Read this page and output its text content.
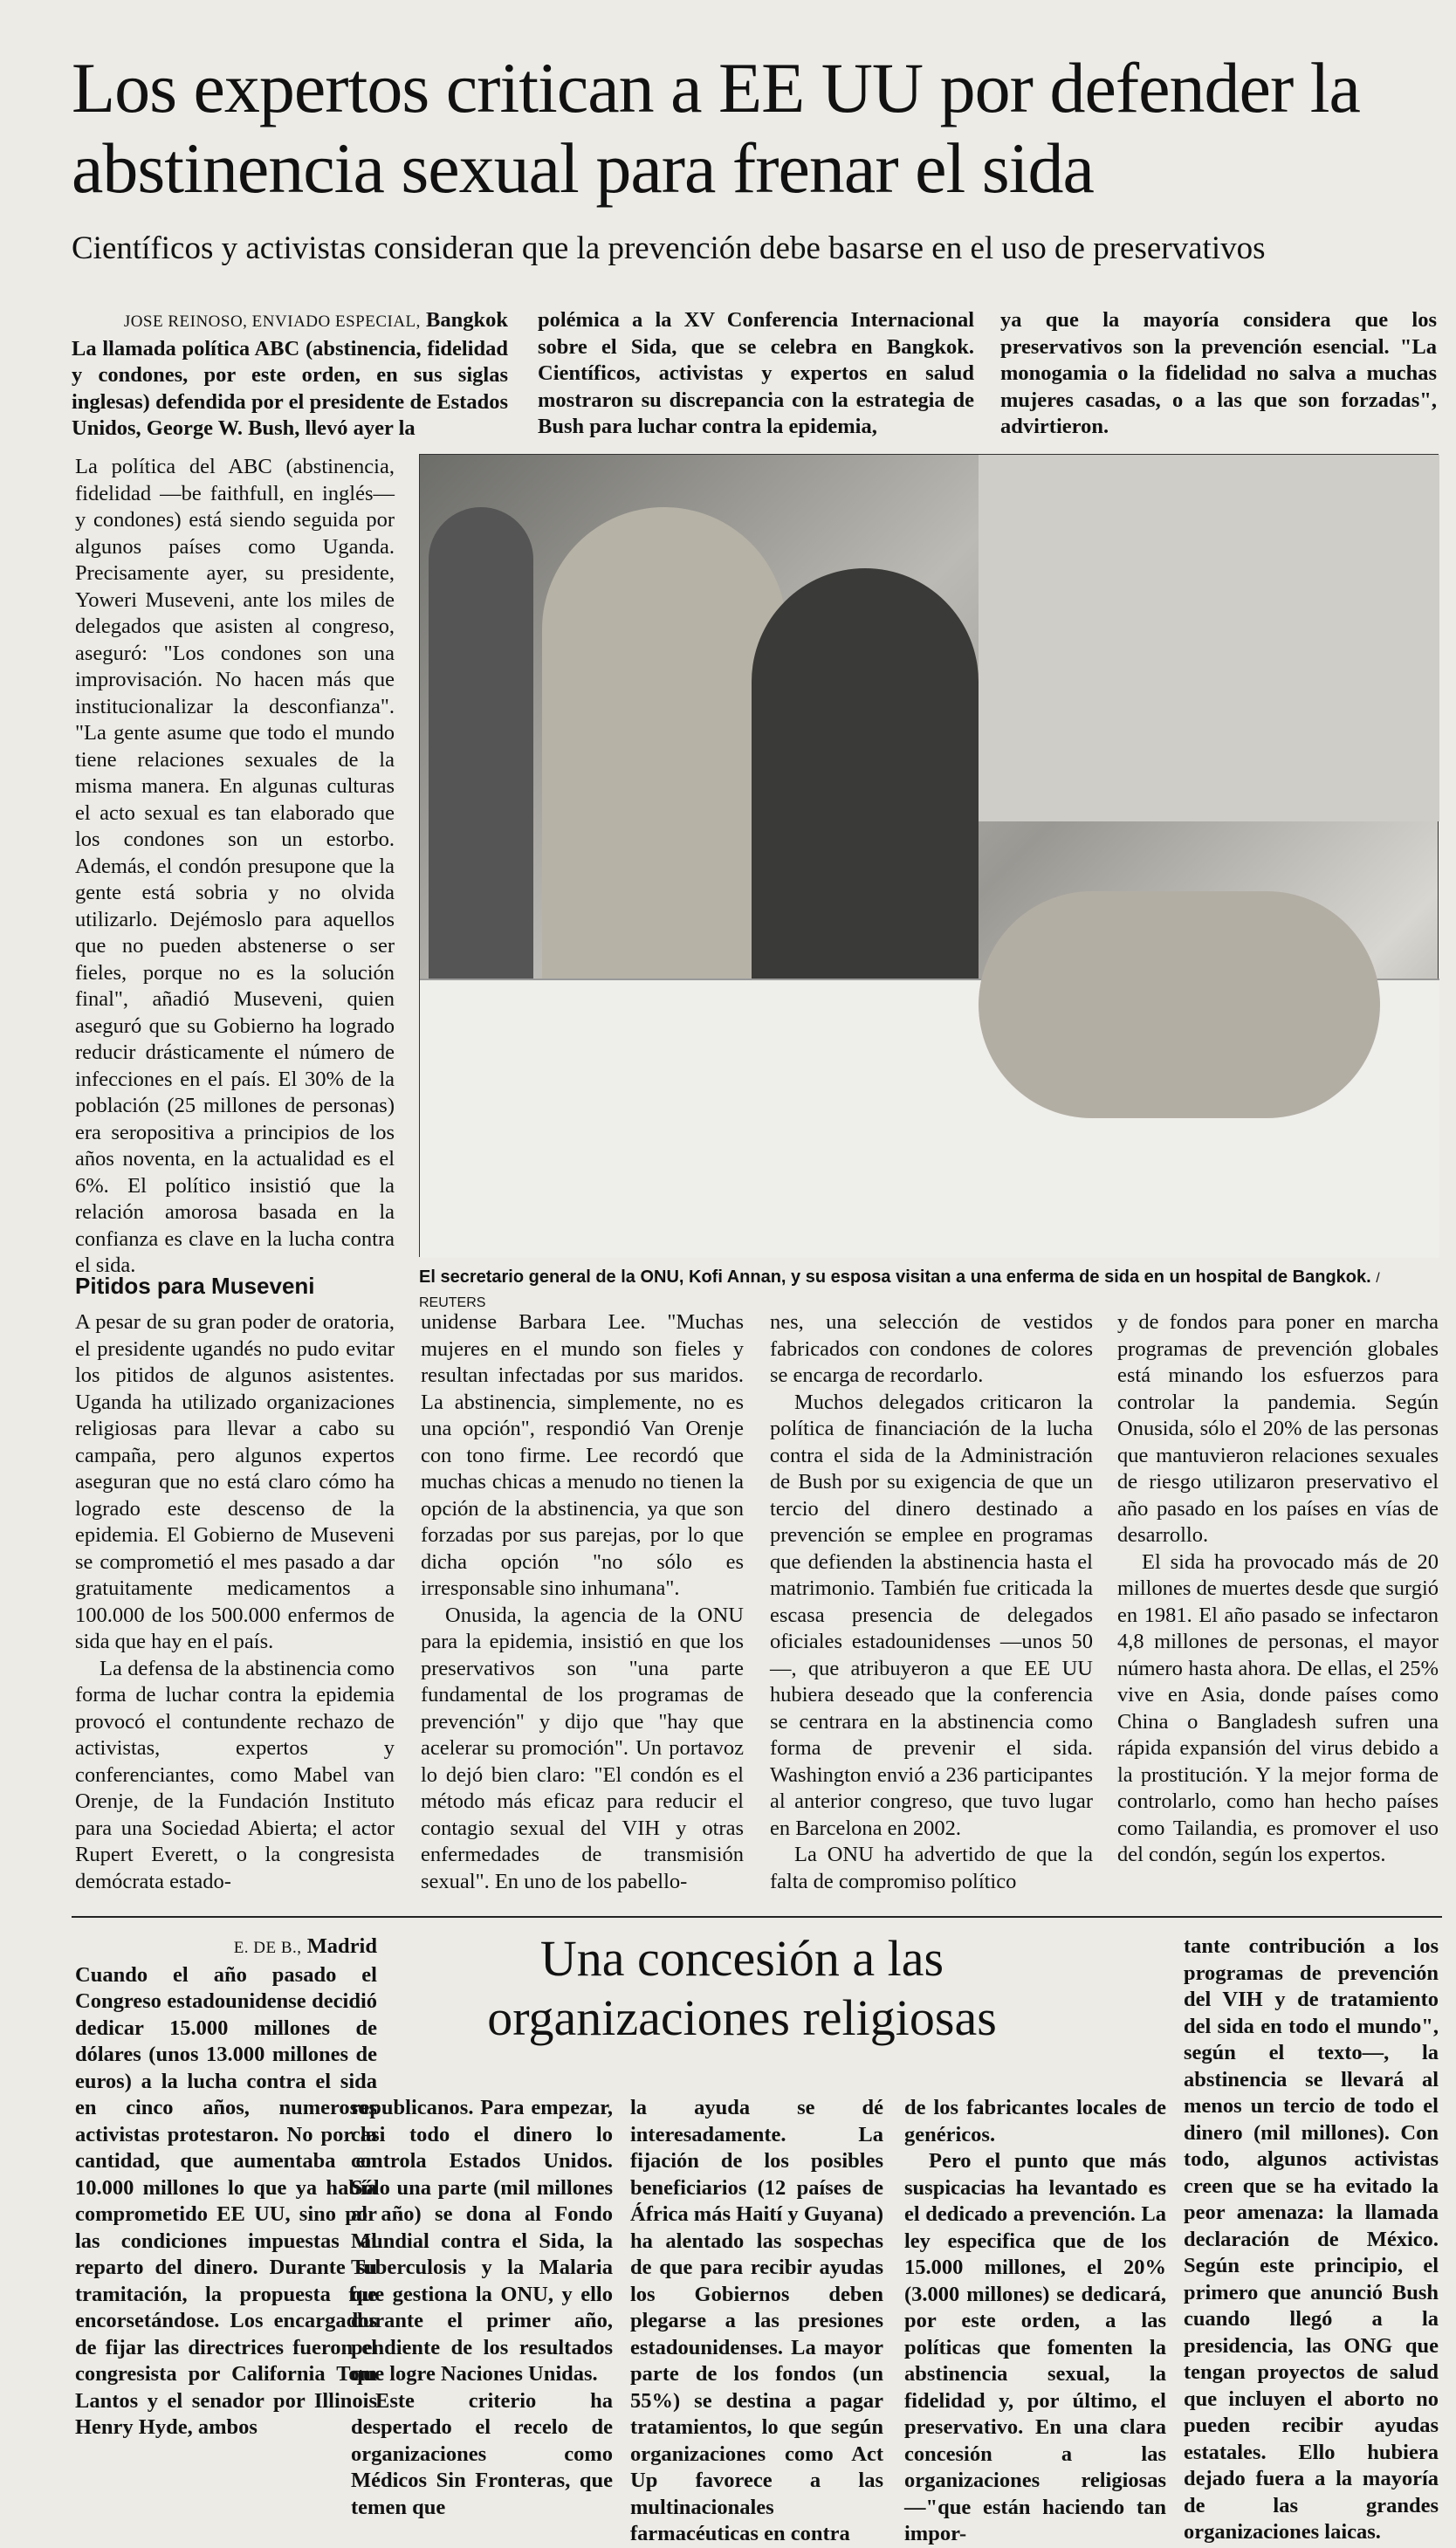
Los expertos critican a EE UU por defender la abstinencia sexual para frenar el sida
Científicos y activistas consideran que la prevención debe basarse en el uso de preservativos
JOSE REINOSO, ENVIADO ESPECIAL, Bangkok

La llamada política ABC (abstinencia, fidelidad y condones, por este orden, en sus siglas inglesas) defendida por el presidente de Estados Unidos, George W. Bush, llevó ayer la

polémica a la XV Conferencia Internacional sobre el Sida, que se celebra en Bangkok. Científicos, activistas y expertos en salud mostraron su discrepancia con la estrategia de Bush para luchar contra la epidemia,

ya que la mayoría considera que los preservativos son la prevención esencial. "La monogamia o la fidelidad no salva a muchas mujeres casadas, o a las que son forzadas", advirtieron.

La política del ABC (abstinencia, fidelidad —be faithfull, en inglés— y condones) está siendo seguida por algunos países como Uganda. Precisamente ayer, su presidente, Yoweri Museveni, ante los miles de delegados que asisten al congreso, aseguró: "Los condones son una improvisación. No hacen más que institucionalizar la desconfianza". "La gente asume que todo el mundo tiene relaciones sexuales de la misma manera. En algunas culturas el acto sexual es tan elaborado que los condones son un estorbo. Además, el condón presupone que la gente está sobria y no olvida utilizarlo. Dejémoslo para aquellos que no pueden abstenerse o ser fieles, porque no es la solución final", añadió Museveni, quien aseguró que su Gobierno ha logrado reducir drásticamente el número de infecciones en el país. El 30% de la población (25 millones de personas) era seropositiva a principios de los años noventa, en la actualidad es el 6%. El político insistió que la relación amorosa basada en la confianza es clave en la lucha contra el sida.	El secretario general de la ONU, Kofi Annan, y su esposa visitan a una enferma de sida en un hospital de Bangkok. / REUTERS
Pitidos para Museveni

A pesar de su gran poder de oratoria, el presidente ugandés no pudo evitar los pitidos de algunos asistentes. Uganda ha utilizado organizaciones religiosas para llevar a cabo su campaña, pero algunos expertos aseguran que no está claro cómo ha logrado este descenso de la epidemia. El Gobierno de Museveni se comprometió el mes pasado a dar gratuitamente medicamentos a 100.000 de los 500.000 enfermos de sida que hay en el país.

La defensa de la abstinencia como forma de luchar contra la epidemia provocó el contundente rechazo de activistas, expertos y conferenciantes, como Mabel van Orenje, de la Fundación Instituto para una Sociedad Abierta; el actor Rupert Everett, o la congresista demócrata estado-

unidense Barbara Lee. "Muchas mujeres en el mundo son fieles y resultan infectadas por sus maridos. La abstinencia, simplemente, no es una opción", respondió Van Orenje con tono firme. Lee recordó que muchas chicas a menudo no tienen la opción de la abstinencia, ya que son forzadas por sus parejas, por lo que dicha opción "no sólo es irresponsable sino inhumana".

Onusida, la agencia de la ONU para la epidemia, insistió en que los preservativos son "una parte fundamental de los programas de prevención" y dijo que "hay que acelerar su promoción". Un portavoz lo dejó bien claro: "El condón es el método más eficaz para reducir el contagio sexual del VIH y otras enfermedades de transmisión sexual". En uno de los pabello-

nes, una selección de vestidos fabricados con condones de colores se encarga de recordarlo.

Muchos delegados criticaron la política de financiación de la lucha contra el sida de la Administración de Bush por su exigencia de que un tercio del dinero destinado a prevención se emplee en programas que defienden la abstinencia hasta el matrimonio. También fue criticada la escasa presencia de delegados oficiales estadounidenses —unos 50—, que atribuyeron a que EE UU hubiera deseado que la conferencia se centrara en la abstinencia como forma de prevenir el sida. Washington envió a 236 participantes al anterior congreso, que tuvo lugar en Barcelona en 2002.

La ONU ha advertido de que la falta de compromiso político

y de fondos para poner en marcha programas de prevención globales está minando los esfuerzos para controlar la pandemia. Según Onusida, sólo el 20% de las personas que mantuvieron relaciones sexuales de riesgo utilizaron preservativo el año pasado en los países en vías de desarrollo.

El sida ha provocado más de 20 millones de muertes desde que surgió en 1981. El año pasado se infectaron 4,8 millones de personas, el mayor número hasta ahora. De ellas, el 25% vive en Asia, donde países como China o Bangladesh sufren una rápida expansión del virus debido a la prostitución. Y la mejor forma de controlarlo, como han hecho países como Tailandia, es promover el uso del condón, según los expertos.

Una concesión a las organizaciones religiosas
E. DE B., Madrid

Cuando el año pasado el Congreso estadounidense decidió dedicar 15.000 millones de dólares (unos 13.000 millones de euros) a la lucha contra el sida en cinco años, numerosos activistas protestaron. No por la cantidad, que aumentaba en 10.000 millones lo que ya había comprometido EE UU, sino por las condiciones impuestas al reparto del dinero. Durante su tramitación, la propuesta fue encorsetándose. Los encargados de fijar las directrices fueron el congresista por California Tom Lantos y el senador por Illinois Henry Hyde, ambos

republicanos. Para empezar, casi todo el dinero lo controla Estados Unidos. Sólo una parte (mil millones al año) se dona al Fondo Mundial contra el Sida, la Tuberculosis y la Malaria que gestiona la ONU, y ello durante el primer año, pendiente de los resultados que logre Naciones Unidas.

Este criterio ha despertado el recelo de organizaciones como Médicos Sin Fronteras, que temen que

la ayuda se dé interesadamente. La fijación de los posibles beneficiarios (12 países de África más Haití y Guyana) ha alentado las sospechas de que para recibir ayudas los Gobiernos deben plegarse a las presiones estadounidenses. La mayor parte de los fondos (un 55%) se destina a pagar tratamientos, lo que según organizaciones como Act Up favorece a las multinacionales farmacéuticas en contra

de los fabricantes locales de genéricos.

Pero el punto que más suspicacias ha levantado es el dedicado a prevención. La ley especifica que de los 15.000 millones, el 20% (3.000 millones) se dedicará, por este orden, a las políticas que fomenten la abstinencia sexual, la fidelidad y, por último, el preservativo. En una clara concesión a las organizaciones religiosas —"que están haciendo tan impor-

tante contribución a los programas de prevención del VIH y de tratamiento del sida en todo el mundo", según el texto—, la abstinencia se llevará al menos un tercio de todo el dinero (mil millones). Con todo, algunos activistas creen que se ha evitado la peor amenaza: la llamada declaración de México. Según este principio, el primero que anunció Bush cuando llegó a la presidencia, las ONG que tengan proyectos de salud que incluyen el aborto no pueden recibir ayudas estatales. Ello hubiera dejado fuera a la mayoría de las grandes organizaciones laicas.
